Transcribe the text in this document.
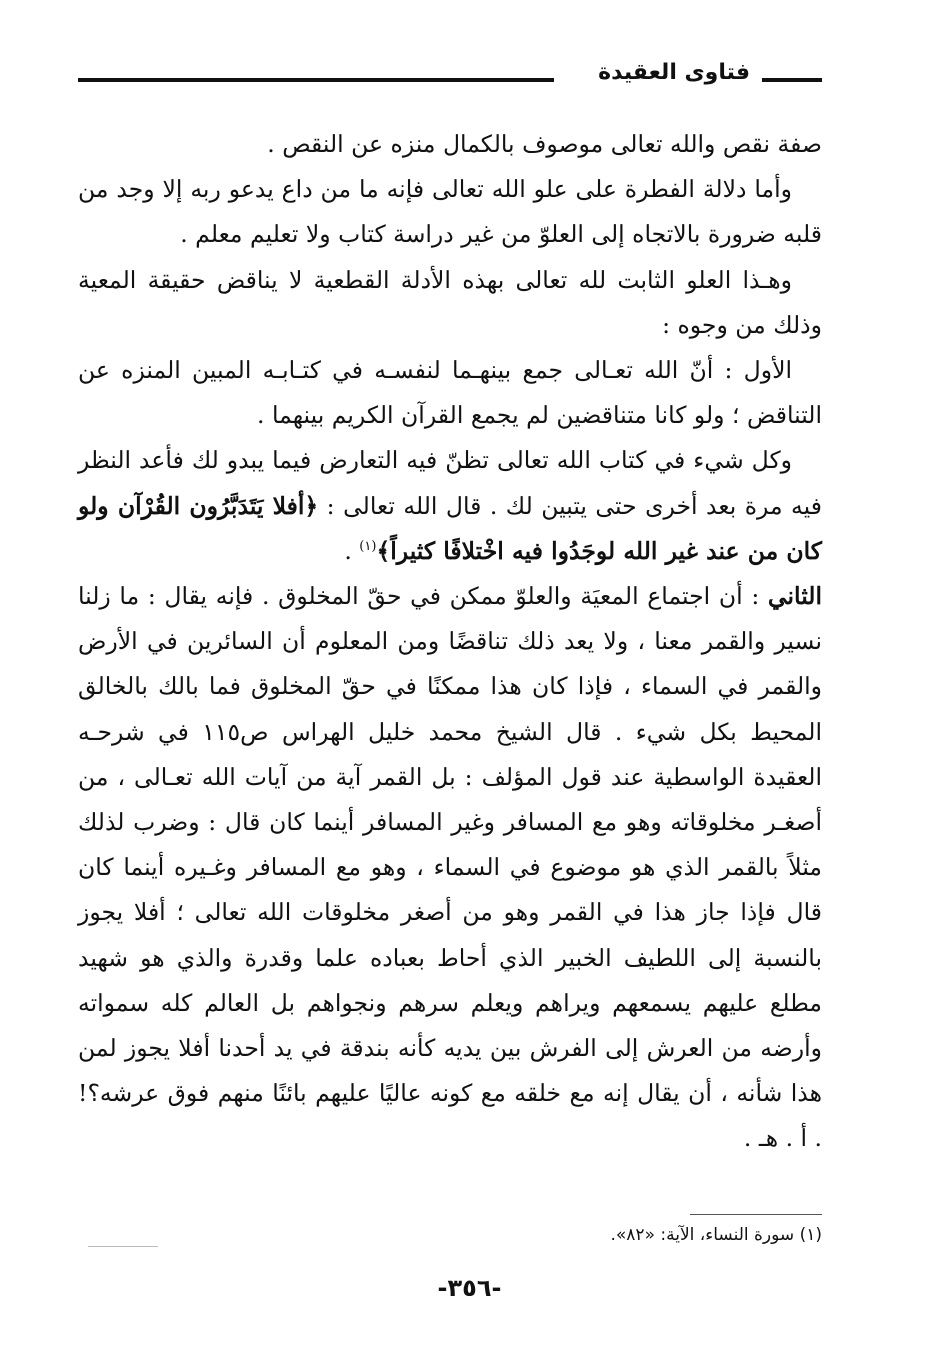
فتاوى العقيدة

صفة نقص والله تعالى موصوف بالكمال منزه عن النقص .

وأما دلالة الفطرة على علو الله تعالى فإنه ما من داع يدعو ربه إلا وجد من قلبه ضرورة بالاتجاه إلى العلوّ من غير دراسة كتاب ولا تعليم معلم .

وهـذا العلو الثابت لله تعالى بهذه الأدلة القطعية لا يناقض حقيقة المعية وذلك من وجوه :

الأول : أنّ الله تعـالى جمع بينهـما لنفسـه في كتـابـه المبين المنزه عن التناقض ؛ ولو كانا متناقضين لم يجمع القرآن الكريم بينهما .

وكل شيء في كتاب الله تعالى تظنّ فيه التعارض فيما يبدو لك فأعد النظر فيه مرة بعد أخرى حتى يتبين لك . قال الله تعالى : ﴿أفلا يَتَدَبَّرُون القُرْآن ولو كان من عند غير الله لوجَدُوا فيه اخْتلافًا كثيراً﴾$^{(١)}$ .

الثاني : أن اجتماع المعيَة والعلوّ ممكن في حقّ المخلوق . فإنه يقال : ما زلنا نسير والقمر معنا ، ولا يعد ذلك تناقضًا ومن المعلوم أن السائرين في الأرض والقمر في السماء ، فإذا كان هذا ممكنًا في حقّ المخلوق فما بالك بالخالق المحيط بكل شيء . قال الشيخ محمد خليل الهراس ص١١٥ في شرحـه العقيدة الواسطية عند قول المؤلف : بل القمر آية من آيات الله تعـالى ، من أصغـر مخلوقاته وهو مع المسافر وغير المسافر أينما كان قال : وضرب لذلك مثلاً بالقمر الذي هو موضوع في السماء ، وهو مع المسافر وغـيره أينما كان قال فإذا جاز هذا في القمر وهو من أصغر مخلوقات الله تعالى ؛ أفلا يجوز بالنسبة إلى اللطيف الخبير الذي أحاط بعباده علما وقدرة والذي هو شهيد مطلع عليهم يسمعهم ويراهم ويعلم سرهم ونجواهم بل العالم كله سمواته وأرضه من العرش إلى الفرش بين يديه كأنه بندقة في يد أحدنا أفلا يجوز لمن هذا شأنه ، أن يقال إنه مع خلقه مع كونه عاليًا عليهم بائنًا منهم فوق عرشه؟! . أ . هـ .

(١) سورة النساء، الآية: «٨٢».
-٣٥٦-
